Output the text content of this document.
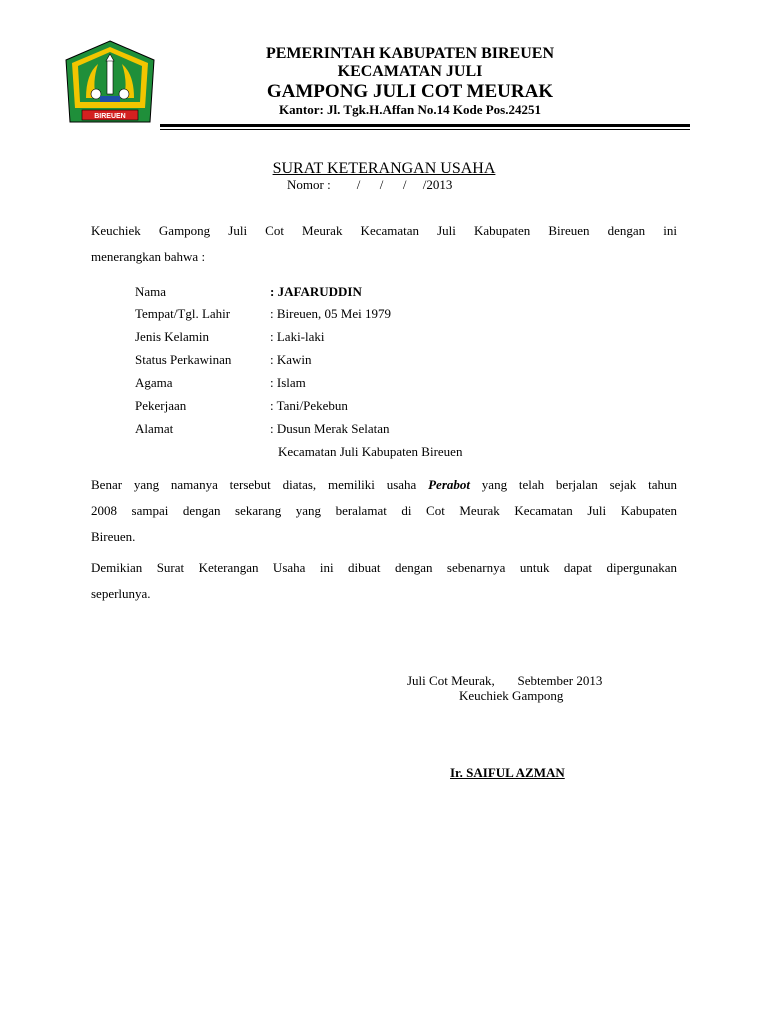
BIREUEN
PEMERINTAH KABUPATEN BIREUEN
KECAMATAN JULI
GAMPONG JULI COT MEURAK
Kantor: Jl. Tgk.H.Affan No.14 Kode Pos.24251
SURAT KETERANGAN USAHA
Nomor :        /      /      /     /2013
Keuchiek Gampong Juli Cot Meurak Kecamatan Juli Kabupaten Bireuen dengan ini
menerangkan bahwa :
Nama	: JAFARUDDIN
Tempat/Tgl. Lahir	: Bireuen, 05 Mei 1979
Jenis Kelamin	: Laki-laki
Status Perkawinan	: Kawin
Agama	: Islam
Pekerjaan	: Tani/Pekebun
Alamat	: Dusun Merak Selatan
Kecamatan Juli Kabupaten Bireuen
Benar yang namanya tersebut diatas, memiliki usaha Perabot yang telah berjalan sejak tahun
2008 sampai dengan sekarang yang beralamat di Cot Meurak Kecamatan Juli Kabupaten
Bireuen.
Demikian Surat Keterangan Usaha ini dibuat dengan sebenarnya untuk dapat dipergunakan
seperlunya.
Juli Cot Meurak,       Sebtember 2013
Keuchiek Gampong
Ir. SAIFUL AZMAN
